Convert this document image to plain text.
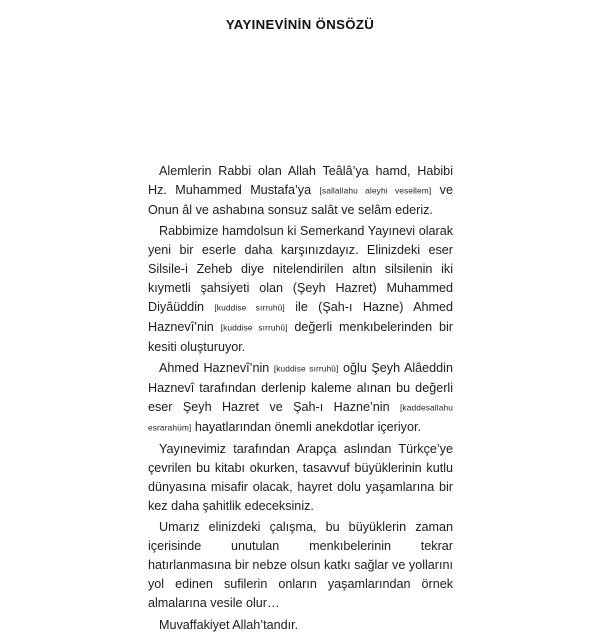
YAYINEVİNİN ÖNSÖZÜ

Alemlerin Rabbi olan Allah Teâlâ’ya hamd, Habibi Hz. Muhammed Mustafa’ya [sallallahu aleyhi vesellem] ve Onun âl ve ashabına sonsuz salât ve selâm ederiz.

Rabbimize hamdolsun ki Semerkand Yayınevi olarak yeni bir eserle daha karşınızdayız. Elinizdeki eser Silsile-i Zeheb diye nitelendirilen altın silsilenin iki kıymetli şahsiyeti olan (Şeyh Hazret) Muhammed Diyâüddin [kuddise sırruhû] ile (Şah-ı Hazne) Ahmed Haznevî’nin [kuddise sırruhû] değerli menkıbelerinden bir kesiti oluşturuyor.

Ahmed Haznevî’nin [kuddise sırruhû] oğlu Şeyh Alâeddin Haznevî tarafından derlenip kaleme alınan bu değerli eser Şeyh Hazret ve Şah-ı Hazne’nin [kaddesallahu esrarahüm] hayatlarından önemli anekdotlar içeriyor.

Yayınevimiz tarafından Arapça aslından Türkçe’ye çevrilen bu kitabı okurken, tasavvuf büyüklerinin kutlu dünyasına misafir olacak, hayret dolu yaşamlarına bir kez daha şahitlik edeceksiniz.

Umarız elinizdeki çalışma, bu büyüklerin zaman içerisinde unutulan menkıbelerinin tekrar hatırlanmasına bir nebze olsun katkı sağlar ve yollarını yol edinen sufilerin onların yaşamlarından örnek almalarına vesile olur…

Muvaffakiyet Allah’tandır.
